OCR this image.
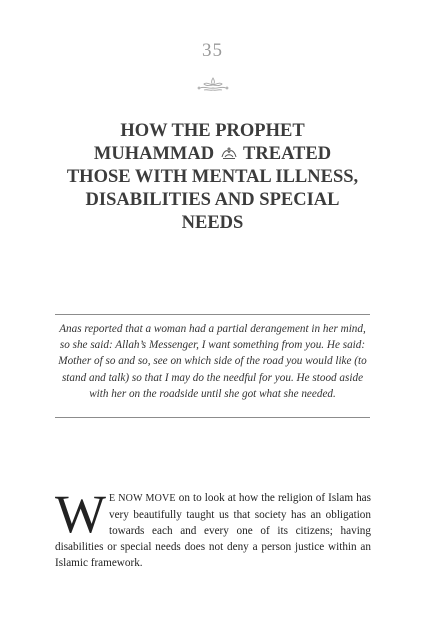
35
HOW THE PROPHET
MUHAMMAD TREATED
THOSE WITH MENTAL ILLNESS,
DISABILITIES AND SPECIAL
NEEDS

Anas reported that a woman had a partial derangement in her mind, so she said: Allah’s Messenger, I want something from you. He said: Mother of so and so, see on which side of the road you would like (to stand and talk) so that I may do the needful for you. He stood aside with her on the roadside until she got what she needed.

W E NOW MOVE on to look at how the religion of Islam has very beautifully taught us that society has an obligation towards each and every one of its citizens; having disabilities or special needs does not deny a person justice within an Islamic framework.
